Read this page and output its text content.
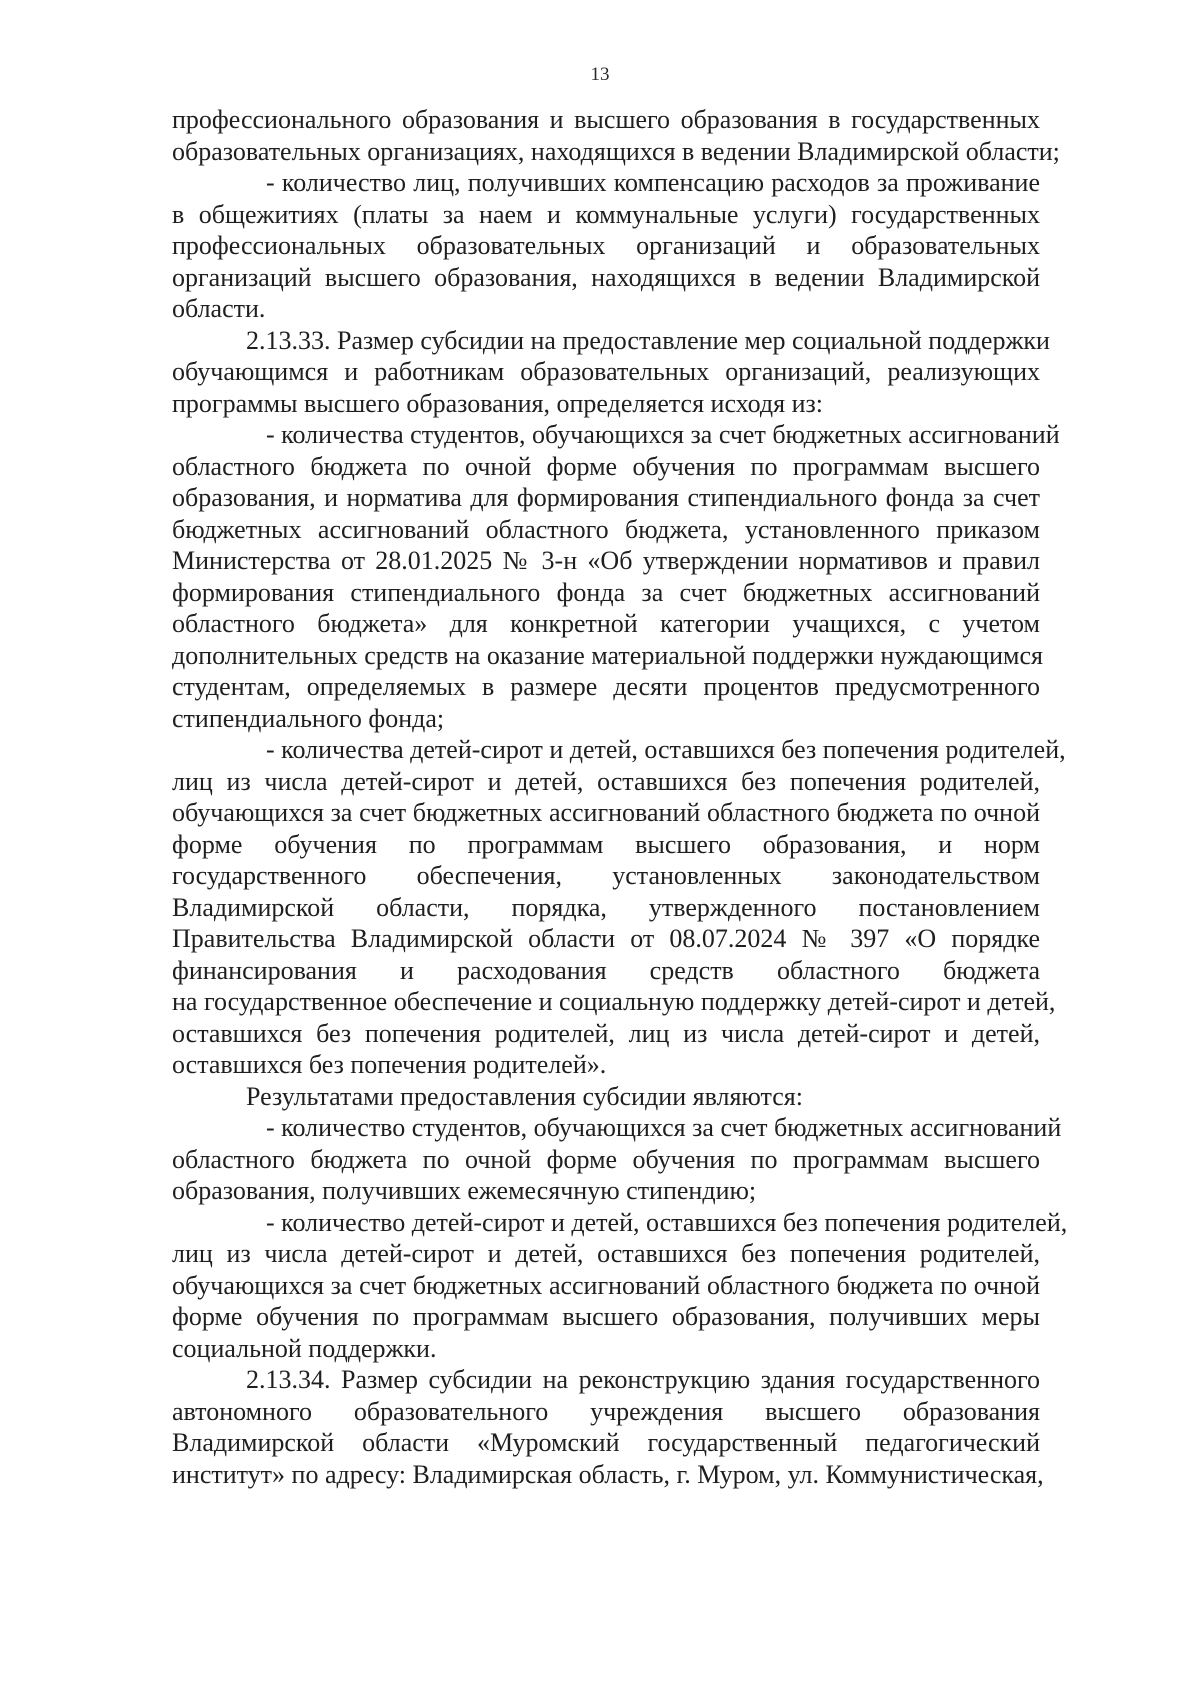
13
профессионального образования и высшего образования в государственных
образовательных организациях, находящихся в ведении Владимирской области;
- количество лиц, получивших компенсацию расходов за проживание
в общежитиях (платы за наем и коммунальные услуги) государственных
профессиональных образовательных организаций и образовательных
организаций высшего образования, находящихся в ведении Владимирской
области.
2.13.33. Размер субсидии на предоставление мер социальной поддержки
обучающимся и работникам образовательных организаций, реализующих
программы высшего образования, определяется исходя из:
- количества студентов, обучающихся за счет бюджетных ассигнований
областного бюджета по очной форме обучения по программам высшего
образования, и норматива для формирования стипендиального фонда за счет
бюджетных ассигнований областного бюджета, установленного приказом
Министерства от 28.01.2025 № 3-н «Об утверждении нормативов и правил
формирования стипендиального фонда за счет бюджетных ассигнований
областного бюджета» для конкретной категории учащихся, с учетом
дополнительных средств на оказание материальной поддержки нуждающимся
студентам, определяемых в размере десяти процентов предусмотренного
стипендиального фонда;
- количества детей-сирот и детей, оставшихся без попечения родителей,
лиц из числа детей-сирот и детей, оставшихся без попечения родителей,
обучающихся за счет бюджетных ассигнований областного бюджета по очной
форме обучения по программам высшего образования, и норм
государственного обеспечения, установленных законодательством
Владимирской области, порядка, утвержденного постановлением
Правительства Владимирской области от 08.07.2024 № 397 «О порядке
финансирования и расходования средств областного бюджета
на государственное обеспечение и социальную поддержку детей-сирот и детей,
оставшихся без попечения родителей, лиц из числа детей-сирот и детей,
оставшихся без попечения родителей».
Результатами предоставления субсидии являются:
- количество студентов, обучающихся за счет бюджетных ассигнований
областного бюджета по очной форме обучения по программам высшего
образования, получивших ежемесячную стипендию;
- количество детей-сирот и детей, оставшихся без попечения родителей,
лиц из числа детей-сирот и детей, оставшихся без попечения родителей,
обучающихся за счет бюджетных ассигнований областного бюджета по очной
форме обучения по программам высшего образования, получивших меры
социальной поддержки.
2.13.34. Размер субсидии на реконструкцию здания государственного
автономного образовательного учреждения высшего образования
Владимирской области «Муромский государственный педагогический
институт» по адресу: Владимирская область, г. Муром, ул. Коммунистическая,
